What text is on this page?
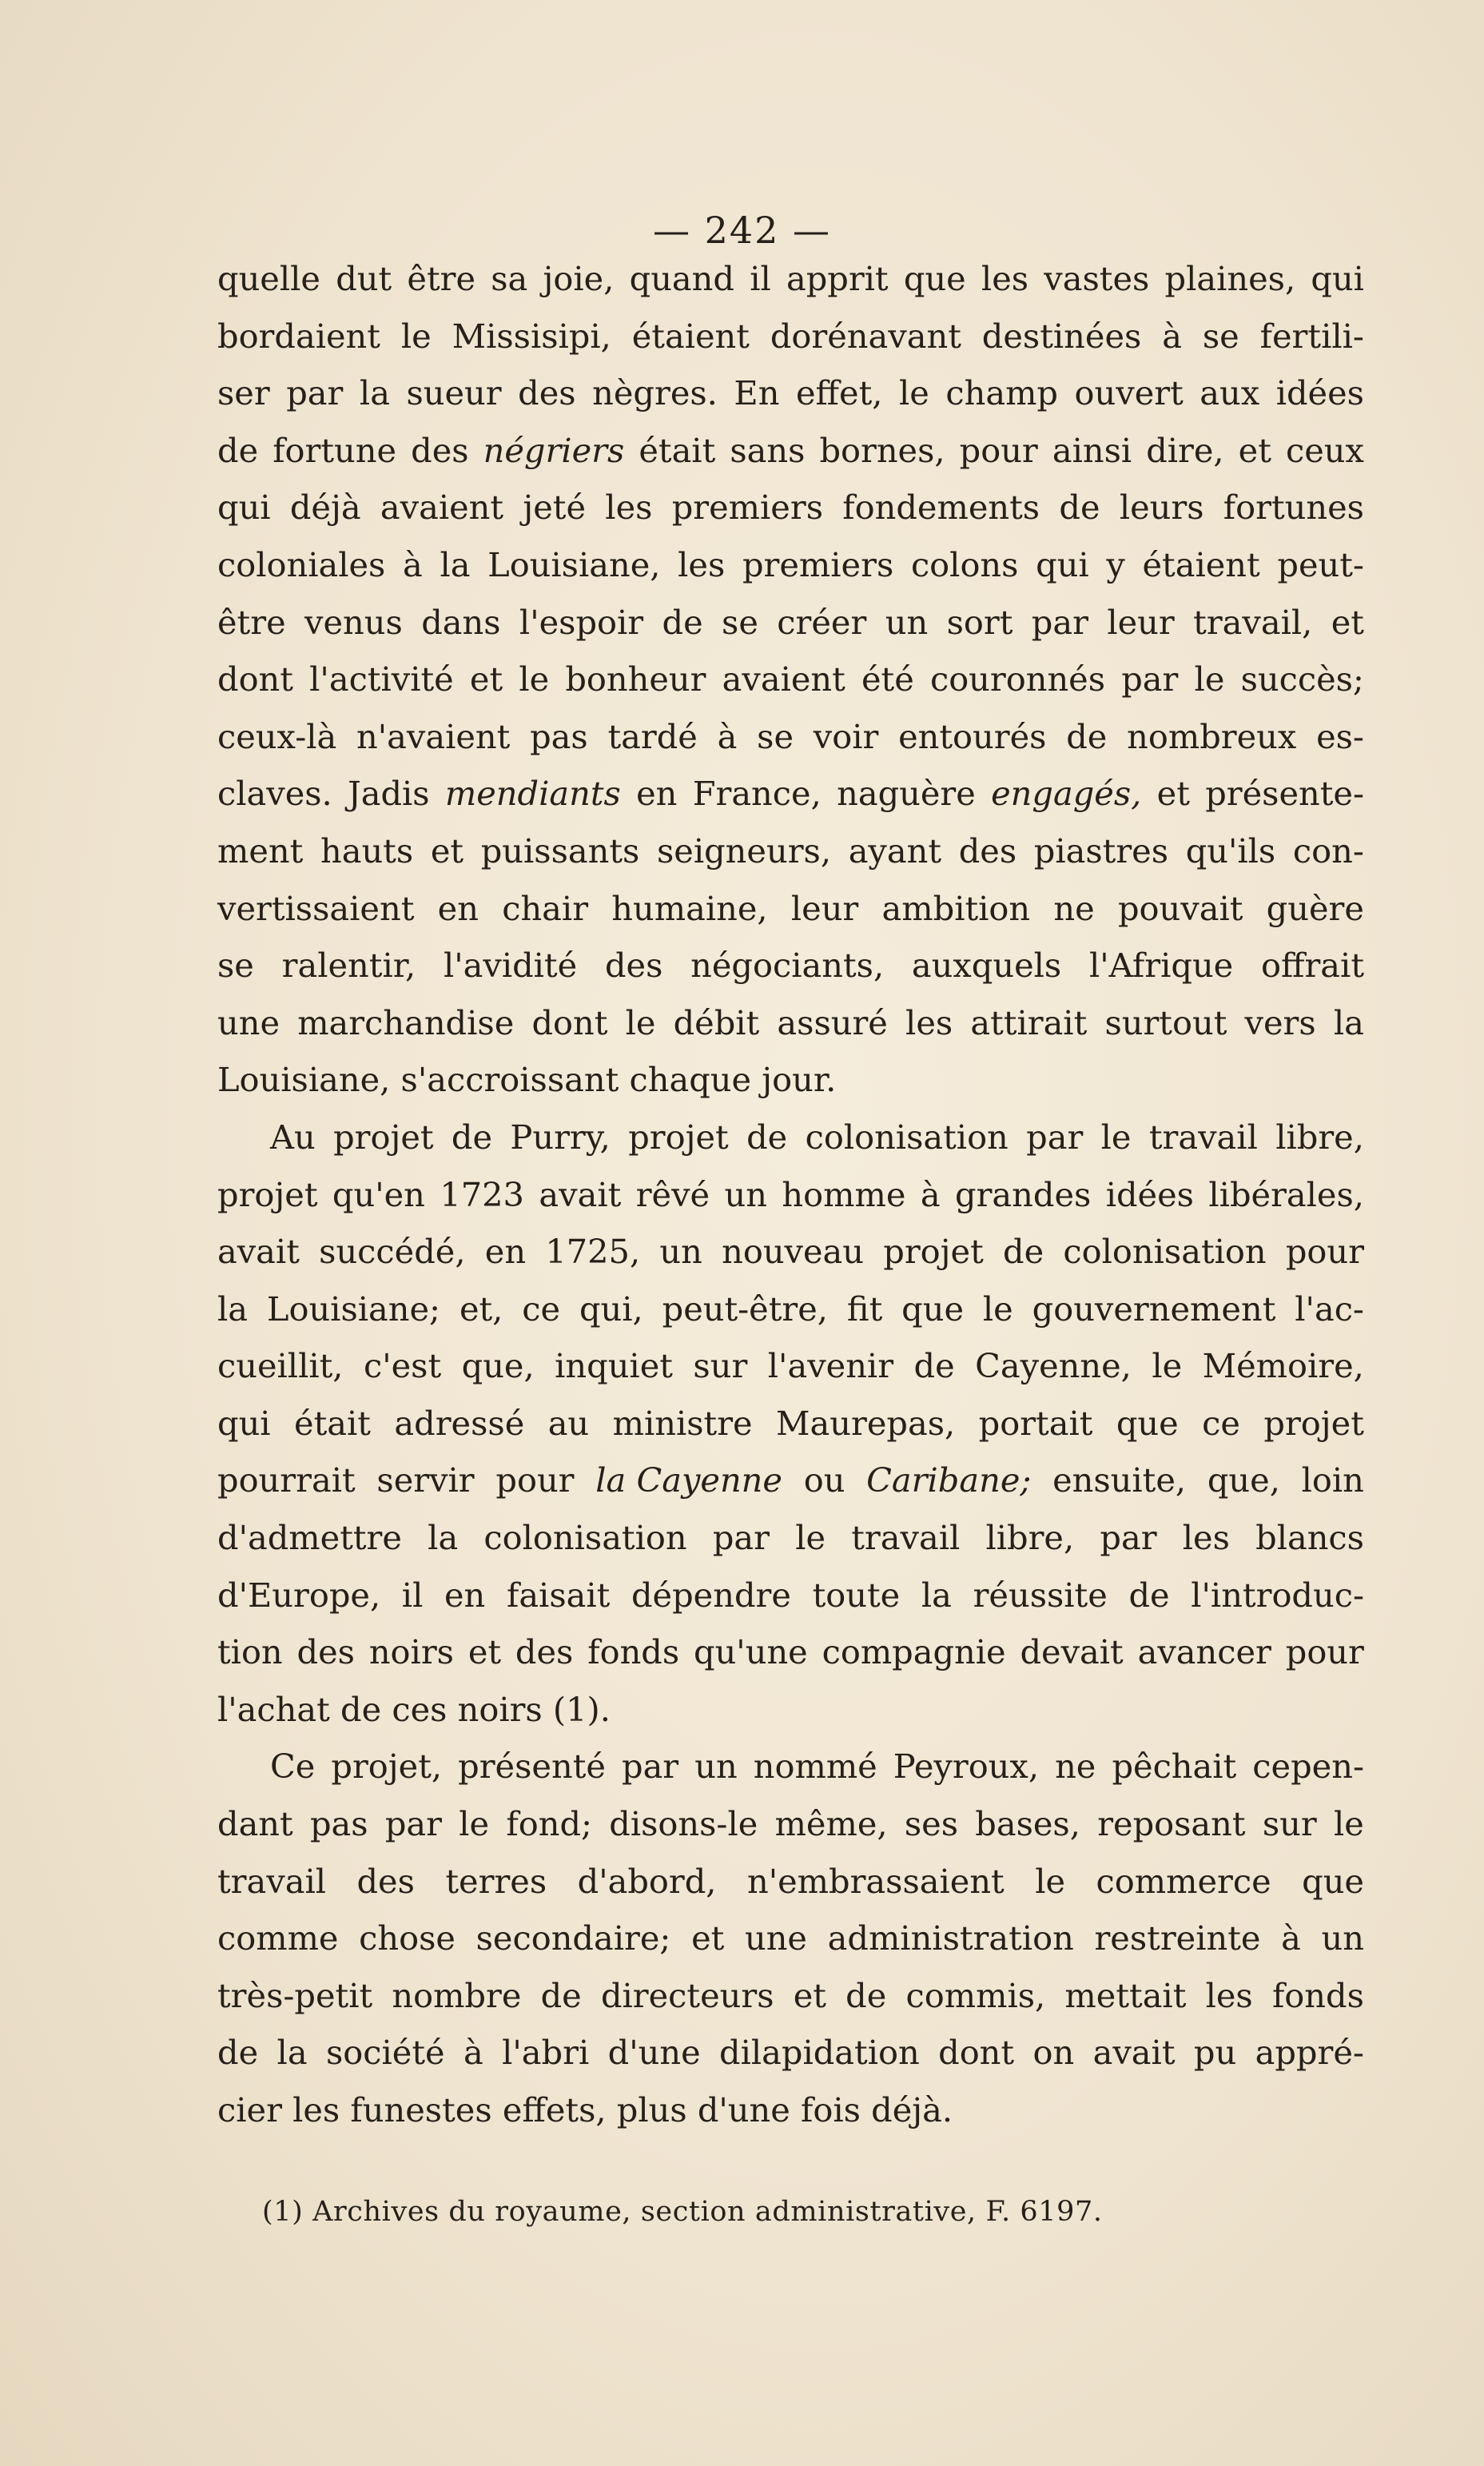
— 242 —
quelle dut être sa joie, quand il apprit que les vastes plaines, qui
bordaient le Missisipi, étaient dorénavant destinées à se fertili-
ser par la sueur des nègres. En effet, le champ ouvert aux idées
de fortune des négriers était sans bornes, pour ainsi dire, et ceux
qui déjà avaient jeté les premiers fondements de leurs fortunes
coloniales à la Louisiane, les premiers colons qui y étaient peut-
être venus dans l'espoir de se créer un sort par leur travail, et
dont l'activité et le bonheur avaient été couronnés par le succès;
ceux-là n'avaient pas tardé à se voir entourés de nombreux es-
claves. Jadis mendiants en France, naguère engagés, et présente-
ment hauts et puissants seigneurs, ayant des piastres qu'ils con-
vertissaient en chair humaine, leur ambition ne pouvait guère
se ralentir, l'avidité des négociants, auxquels l'Afrique offrait
une marchandise dont le débit assuré les attirait surtout vers la
Louisiane, s'accroissant chaque jour.
Au projet de Purry, projet de colonisation par le travail libre,
projet qu'en 1723 avait rêvé un homme à grandes idées libérales,
avait succédé, en 1725, un nouveau projet de colonisation pour
la Louisiane; et, ce qui, peut-être, fit que le gouvernement l'ac-
cueillit, c'est que, inquiet sur l'avenir de Cayenne, le Mémoire,
qui était adressé au ministre Maurepas, portait que ce projet
pourrait servir pour la Cayenne ou Caribane; ensuite, que, loin
d'admettre la colonisation par le travail libre, par les blancs
d'Europe, il en faisait dépendre toute la réussite de l'introduc-
tion des noirs et des fonds qu'une compagnie devait avancer pour
l'achat de ces noirs (1).
Ce projet, présenté par un nommé Peyroux, ne pêchait cepen-
dant pas par le fond; disons-le même, ses bases, reposant sur le
travail des terres d'abord, n'embrassaient le commerce que
comme chose secondaire; et une administration restreinte à un
très-petit nombre de directeurs et de commis, mettait les fonds
de la société à l'abri d'une dilapidation dont on avait pu appré-
cier les funestes effets, plus d'une fois déjà.
(1) Archives du royaume, section administrative, F. 6197.
